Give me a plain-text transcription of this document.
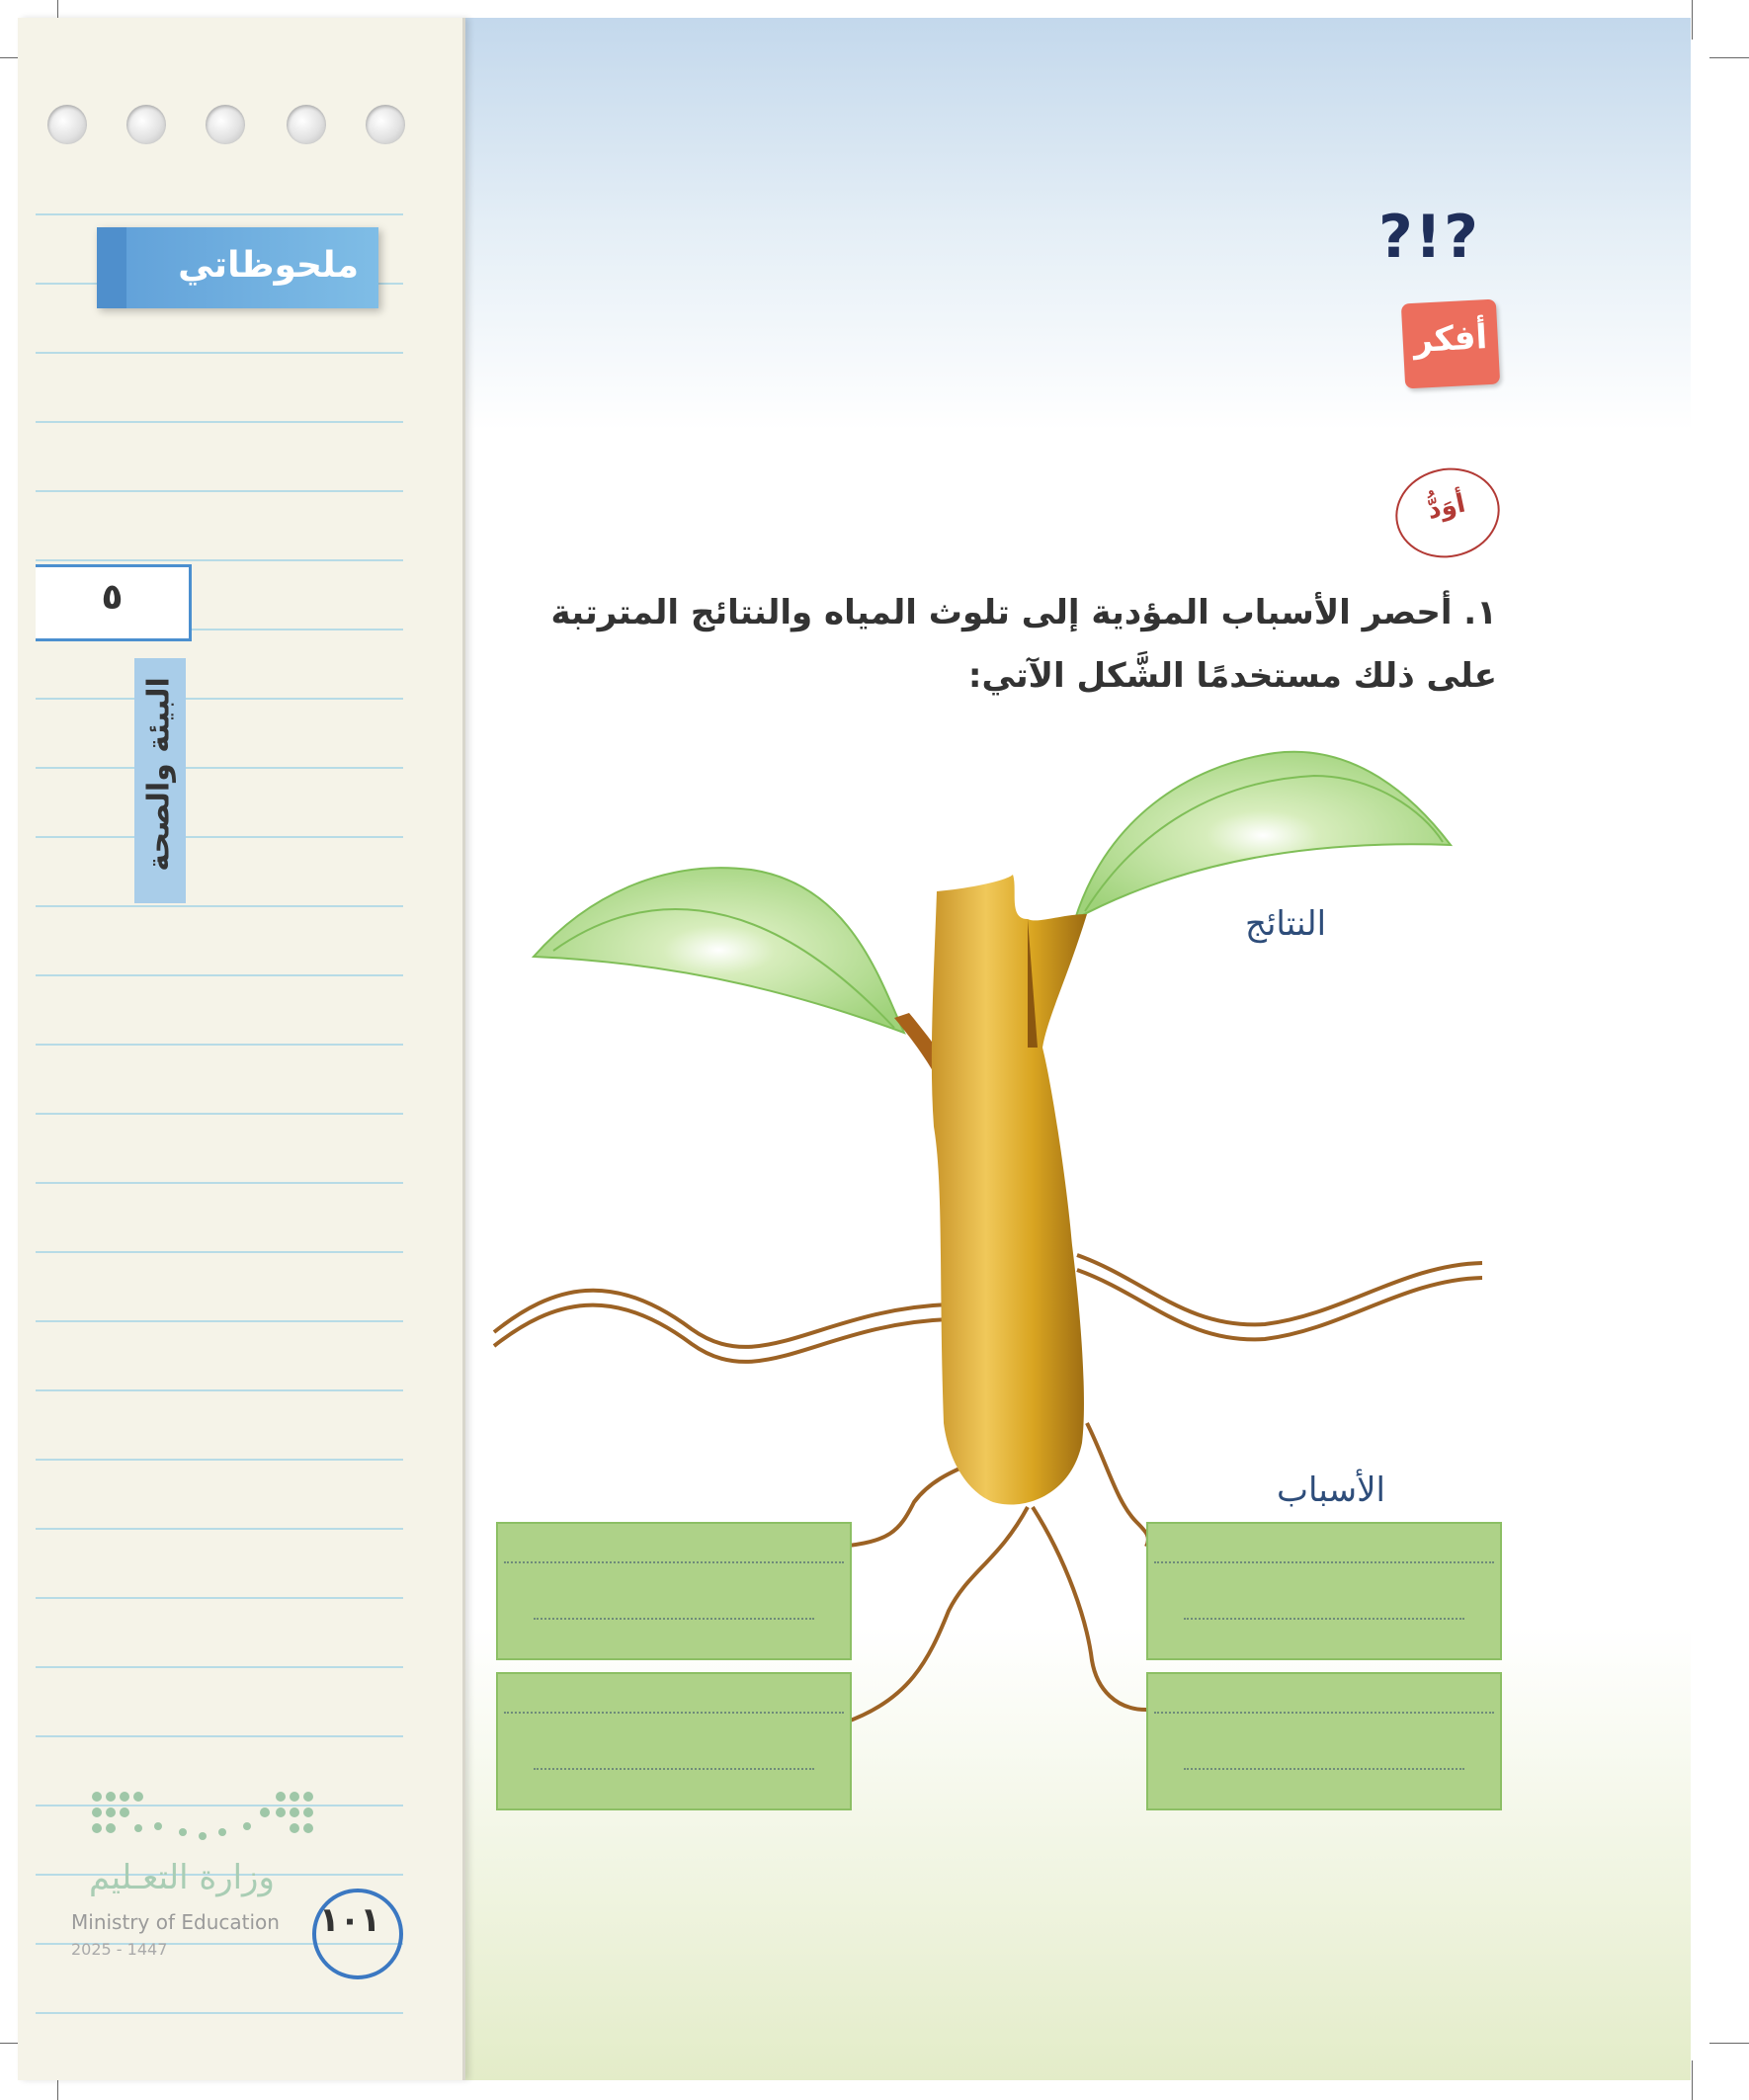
ملحوظاتي
٥
البيئة والصحة
وزارة التعـليم
Ministry of Education
2025 - 1447
١٠١
?!?
أفكر
أوَدُّ
١. أحصر الأسباب المؤدية إلى تلوث المياه والنتائج المترتبة على ذلك مستخدمًا الشَّكل الآتي:
النتائج
الأسباب
